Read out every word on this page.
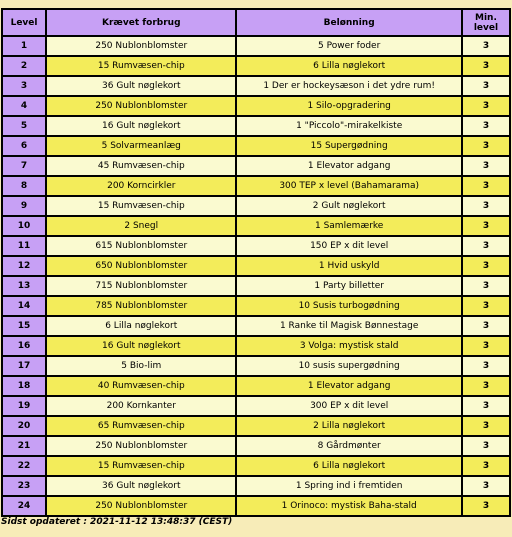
Level	Krævet forbrug	Belønning	Min.
level
1	250 Nublonblomster	5 Power foder	3
2	15 Rumvæsen-chip	6 Lilla nøglekort	3
3	36 Gult nøglekort	1 Der er hockeysæson i det ydre rum!	3
4	250 Nublonblomster	1 Silo-opgradering	3
5	16 Gult nøglekort	1 "Piccolo"-mirakelkiste	3
6	5 Solvarmeanlæg	15 Supergødning	3
7	45 Rumvæsen-chip	1 Elevator adgang	3
8	200 Korncirkler	300 TEP x level (Bahamarama)	3
9	15 Rumvæsen-chip	2 Gult nøglekort	3
10	2 Snegl	1 Samlemærke	3
11	615 Nublonblomster	150 EP x dit level	3
12	650 Nublonblomster	1 Hvid uskyld	3
13	715 Nublonblomster	1 Party billetter	3
14	785 Nublonblomster	10 Susis turbogødning	3
15	6 Lilla nøglekort	1 Ranke til Magisk Bønnestage	3
16	16 Gult nøglekort	3 Volga: mystisk stald	3
17	5 Bio-lim	10 susis supergødning	3
18	40 Rumvæsen-chip	1 Elevator adgang	3
19	200 Kornkanter	300 EP x dit level	3
20	65 Rumvæsen-chip	2 Lilla nøglekort	3
21	250 Nublonblomster	8 Gårdmønter	3
22	15 Rumvæsen-chip	6 Lilla nøglekort	3
23	36 Gult nøglekort	1 Spring ind i fremtiden	3
24	250 Nublonblomster	1 Orinoco: mystisk Baha-stald	3
Sidst opdateret : 2021-11-12 13:48:37 (CEST)
